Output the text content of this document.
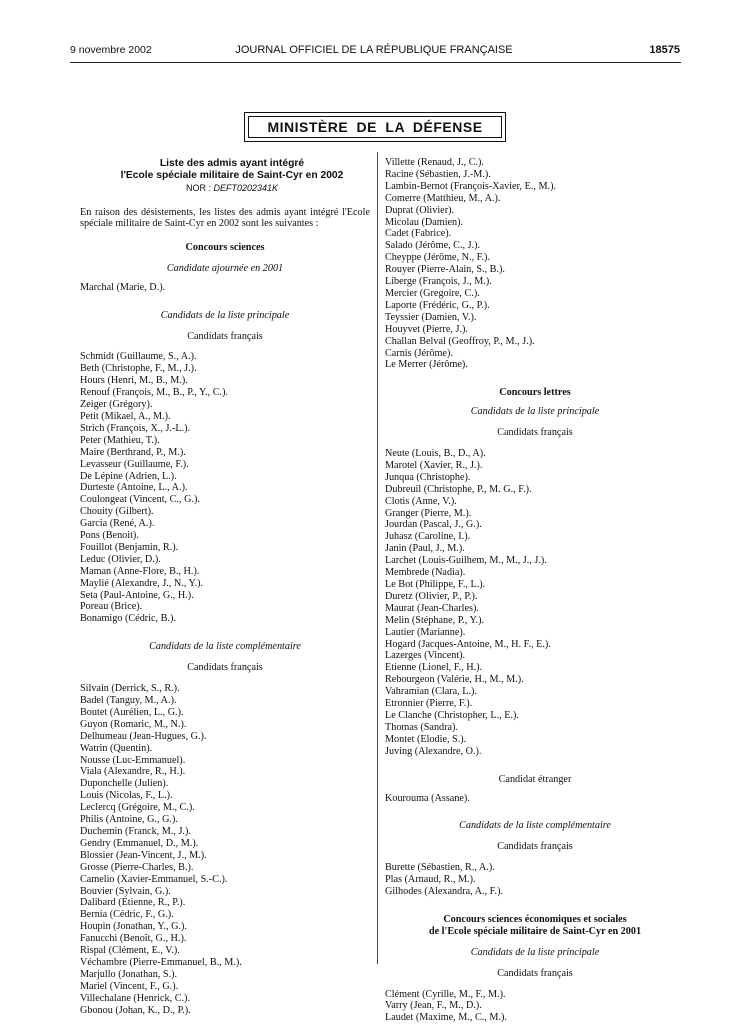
9 novembre 2002	JOURNAL OFFICIEL DE LA RÉPUBLIQUE FRANÇAISE	18575
MINISTÈRE DE LA DÉFENSE
Liste des admis ayant intégré
l'Ecole spéciale militaire de Saint-Cyr en 2002
NOR : DEFT0202341K
En raison des désistements, les listes des admis ayant intégré l'Ecole spéciale militaire de Saint-Cyr en 2002 sont les suivantes :
Concours sciences
Candidate ajournée en 2001
Marchal (Marie, D.).
Candidats de la liste principale
Candidats français
Schmidt (Guillaume, S., A.).
Beth (Christophe, F., M., J.).
Hours (Henri, M., B., M.).
Renouf (François, M., B., P., Y., C.).
Zeiger (Grégory).
Petit (Mikael, A., M.).
Strich (François, X., J.-L.).
Peter (Mathieu, T.).
Maire (Berthrand, P., M.).
Levasseur (Guillaume, F.).
De Lépine (Adrien, L.).
Durteste (Antoine, L., A.).
Coulongeat (Vincent, C., G.).
Chouity (Gilbert).
Garcia (René, A.).
Pons (Benoit).
Fouillot (Benjamin, R.).
Leduc (Olivier, D.).
Maman (Anne-Flore, B., H.).
Maylié (Alexandre, J., N., Y.).
Seta (Paul-Antoine, G., H.).
Poreau (Brice).
Bonamigo (Cédric, B.).
Candidats de la liste complémentaire
Candidats français
Silvain (Derrick, S., R.).
Badel (Tanguy, M., A.).
Boutet (Aurélien, L., G.).
Guyon (Romaric, M., N.).
Delhumeau (Jean-Hugues, G.).
Watrin (Quentin).
Nousse (Luc-Emmanuel).
Viala (Alexandre, R., H.).
Duponchelle (Julien).
Louis (Nicolas, F., L.).
Leclercq (Grégoire, M., C.).
Philis (Antoine, G., G.).
Duchemin (Franck, M., J.).
Gendry (Emmanuel, D., M.).
Blossier (Jean-Vincent, J., M.).
Grosse (Pierre-Charles, B.).
Camelio (Xavier-Emmanuel, S.-C.).
Bouvier (Sylvain, G.).
Dalibard (Etienne, R., P.).
Bernia (Cédric, F., G.).
Houpin (Jonathan, Y., G.).
Fanucchi (Benoît, G., H.).
Rispal (Clément, E., V.).
Véchambre (Pierre-Emmanuel, B., M.).
Marjullo (Jonathan, S.).
Mariel (Vincent, F., G.).
Villechalane (Henrick, C.).
Gbonou (Johan, K., D., P.).
Villette (Renaud, J., C.).
Racine (Sébastien, J.-M.).
Lambin-Bernot (François-Xavier, E., M.).
Comerre (Matthieu, M., A.).
Duprat (Olivier).
Micolau (Damien).
Cadet (Fabrice).
Salado (Jérôme, C., J.).
Cheyppe (Jérôme, N., F.).
Rouyer (Pierre-Alain, S., B.).
Liberge (François, J., M.).
Mercier (Gregoire, C.).
Laporte (Frédéric, G., P.).
Teyssier (Damien, V.).
Houyvet (Pierre, J.).
Challan Belval (Geoffroy, P., M., J.).
Carnis (Jérôme).
Le Merrer (Jérôme).
Concours lettres
Candidats de la liste principale
Candidats français
Neute (Louis, B., D., A).
Marotel (Xavier, R., J.).
Junqua (Christophe).
Dubreuil (Christophe, P., M. G., F.).
Clotis (Anne, V.).
Granger (Pierre, M.).
Jourdan (Pascal, J., G.).
Juhasz (Caroline, I.).
Janin (Paul, J., M.).
Larchet (Louis-Guilhem, M., M., J., J.).
Membrede (Nadia).
Le Bot (Philippe, F., L.).
Duretz (Olivier, P., P.).
Maurat (Jean-Charles).
Melin (Stéphane, P., Y.).
Lautier (Marianne).
Hogard (Jacques-Antoine, M., H. F., E.).
Lazerges (Vincent).
Etienne (Lionel, F., H.).
Rebourgeon (Valérie, H., M., M.).
Vahramian (Clara, L.).
Etronnier (Pierre, F.).
Le Clanche (Christopher, L., E.).
Thomas (Sandra).
Montet (Elodie, S.).
Juving (Alexandre, O.).
Candidat étranger
Kourouma (Assane).
Candidats de la liste complémentaire
Candidats français
Burette (Sébastien, R., A.).
Plas (Arnaud, R., M.).
Gilhodes (Alexandra, A., F.).
Concours sciences économiques et sociales
de l'Ecole spéciale militaire de Saint-Cyr en 2001
Candidats de la liste principale
Candidats français
Clément (Cyrille, M., F., M.).
Varry (Jean, F., M., D.).
Laudet (Maxime, M., C., M.).
